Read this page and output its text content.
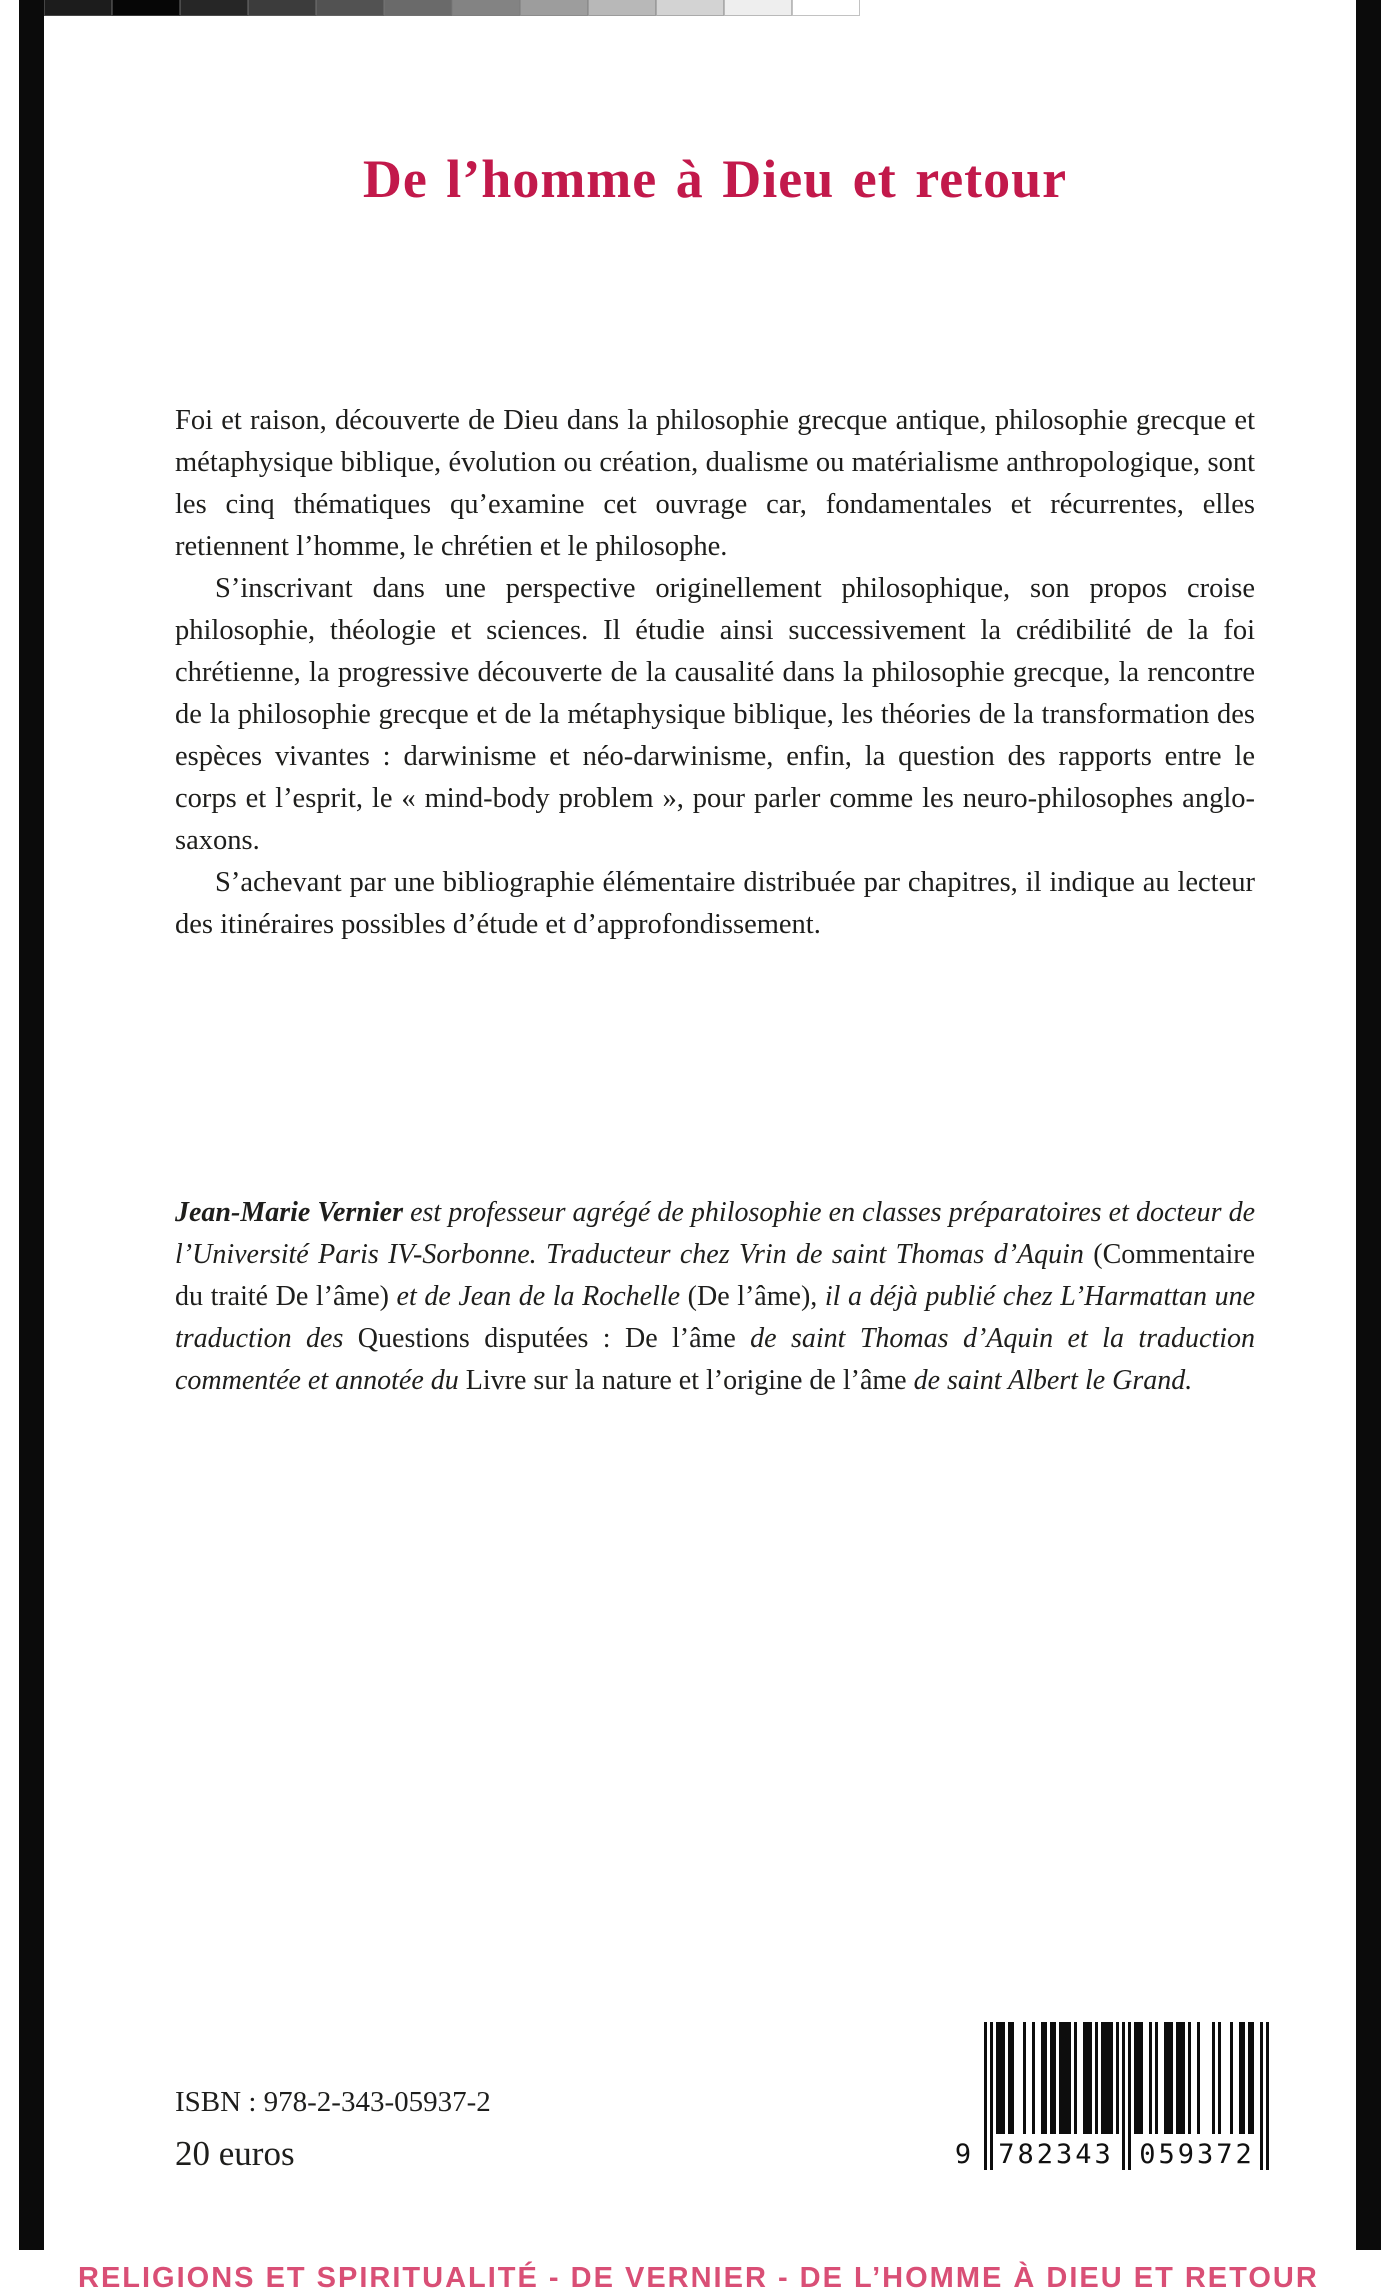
De l’homme à Dieu et retour

Foi et raison, découverte de Dieu dans la philosophie grecque antique, philosophie grecque et métaphysique biblique, évolution ou création, dualisme ou matérialisme anthropologique, sont les cinq thématiques qu’examine cet ouvrage car, fondamentales et récurrentes, elles retiennent l’homme, le chrétien et le philosophe.

S’inscrivant dans une perspective originellement philosophique, son propos croise philosophie, théologie et sciences. Il étudie ainsi successivement la crédibilité de la foi chrétienne, la progressive découverte de la causalité dans la philosophie grecque, la rencontre de la philosophie grecque et de la métaphysique biblique, les théories de la transformation des espèces vivantes : darwinisme et néo-darwinisme, enfin, la question des rapports entre le corps et l’esprit, le « mind-body problem », pour parler comme les neuro-philosophes anglo-saxons.

S’achevant par une bibliographie élémentaire distribuée par chapitres, il indique au lecteur des itinéraires possibles d’étude et d’approfondissement.

Jean-Marie Vernier est professeur agrégé de philosophie en classes préparatoires et docteur de l’Université Paris IV-Sorbonne. Traducteur chez Vrin de saint Thomas d’Aquin (Commentaire du traité De l’âme) et de Jean de la Rochelle (De l’âme), il a déjà publié chez L’Harmattan une traduction des Questions disputées : De l’âme de saint Thomas d’Aquin et la traduction commentée et annotée du Livre sur la nature et l’origine de l’âme de saint Albert le Grand.
ISBN : 978-2-343-05937-2
20 euros	9 782343 059372
RELIGIONS ET SPIRITUALITÉ - DE VERNIER - DE L’HOMME À DIEU ET RETOUR
